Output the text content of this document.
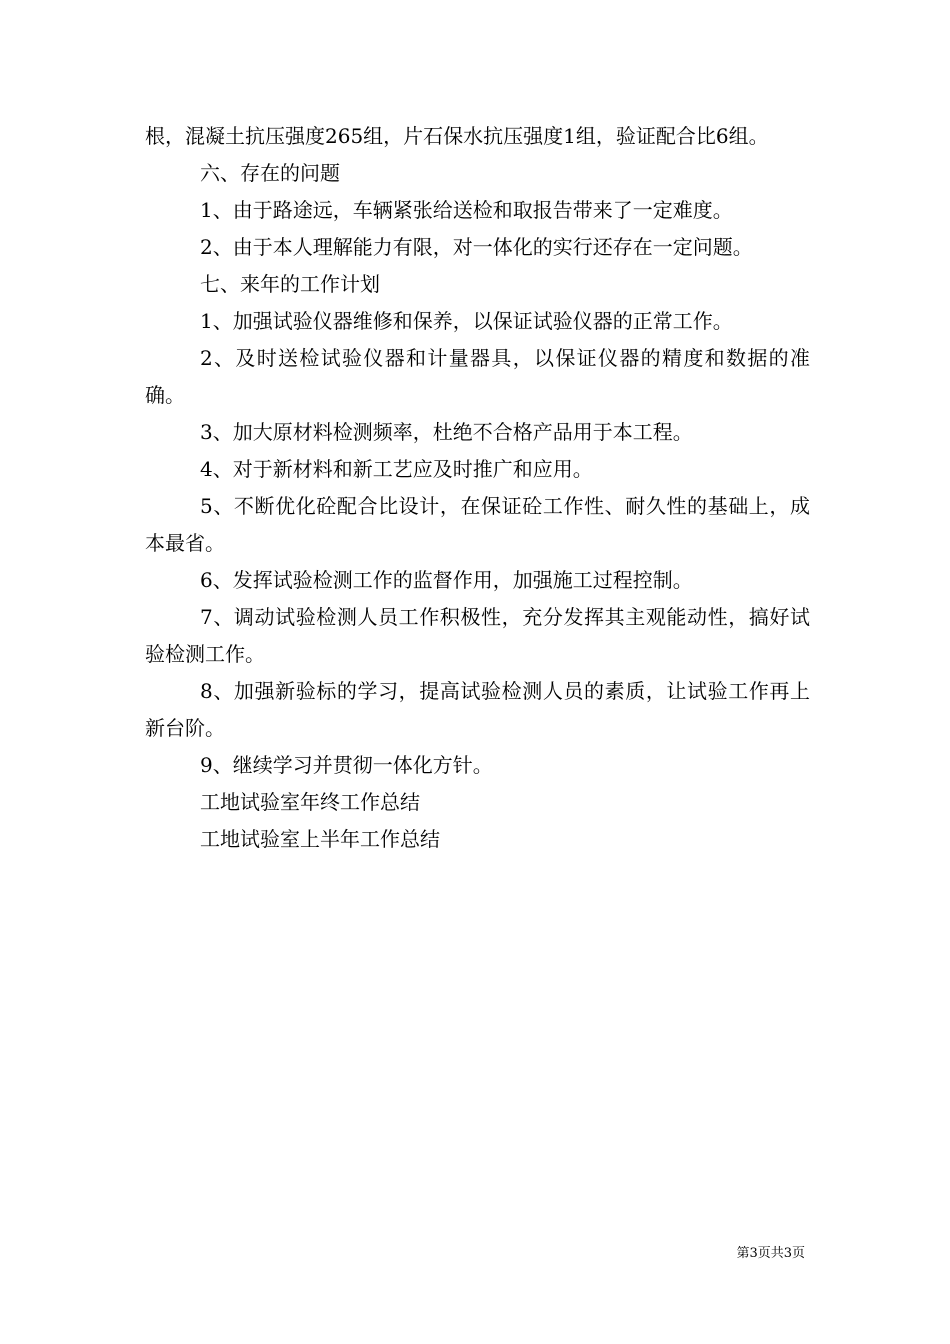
根，混凝土抗压强度265组，片石保水抗压强度1组，验证配合比6组。

六、存在的问题

1、由于路途远，车辆紧张给送检和取报告带来了一定难度。

2、由于本人理解能力有限，对一体化的实行还存在一定问题。

七、来年的工作计划

1、加强试验仪器维修和保养，以保证试验仪器的正常工作。

2、及时送检试验仪器和计量器具，以保证仪器的精度和数据的准确。

3、加大原材料检测频率，杜绝不合格产品用于本工程。

4、对于新材料和新工艺应及时推广和应用。

5、不断优化砼配合比设计，在保证砼工作性、耐久性的基础上，成本最省。

6、发挥试验检测工作的监督作用，加强施工过程控制。

7、调动试验检测人员工作积极性，充分发挥其主观能动性，搞好试验检测工作。

8、加强新验标的学习，提高试验检测人员的素质，让试验工作再上新台阶。

9、继续学习并贯彻一体化方针。

工地试验室年终工作总结

工地试验室上半年工作总结

第3页共3页
